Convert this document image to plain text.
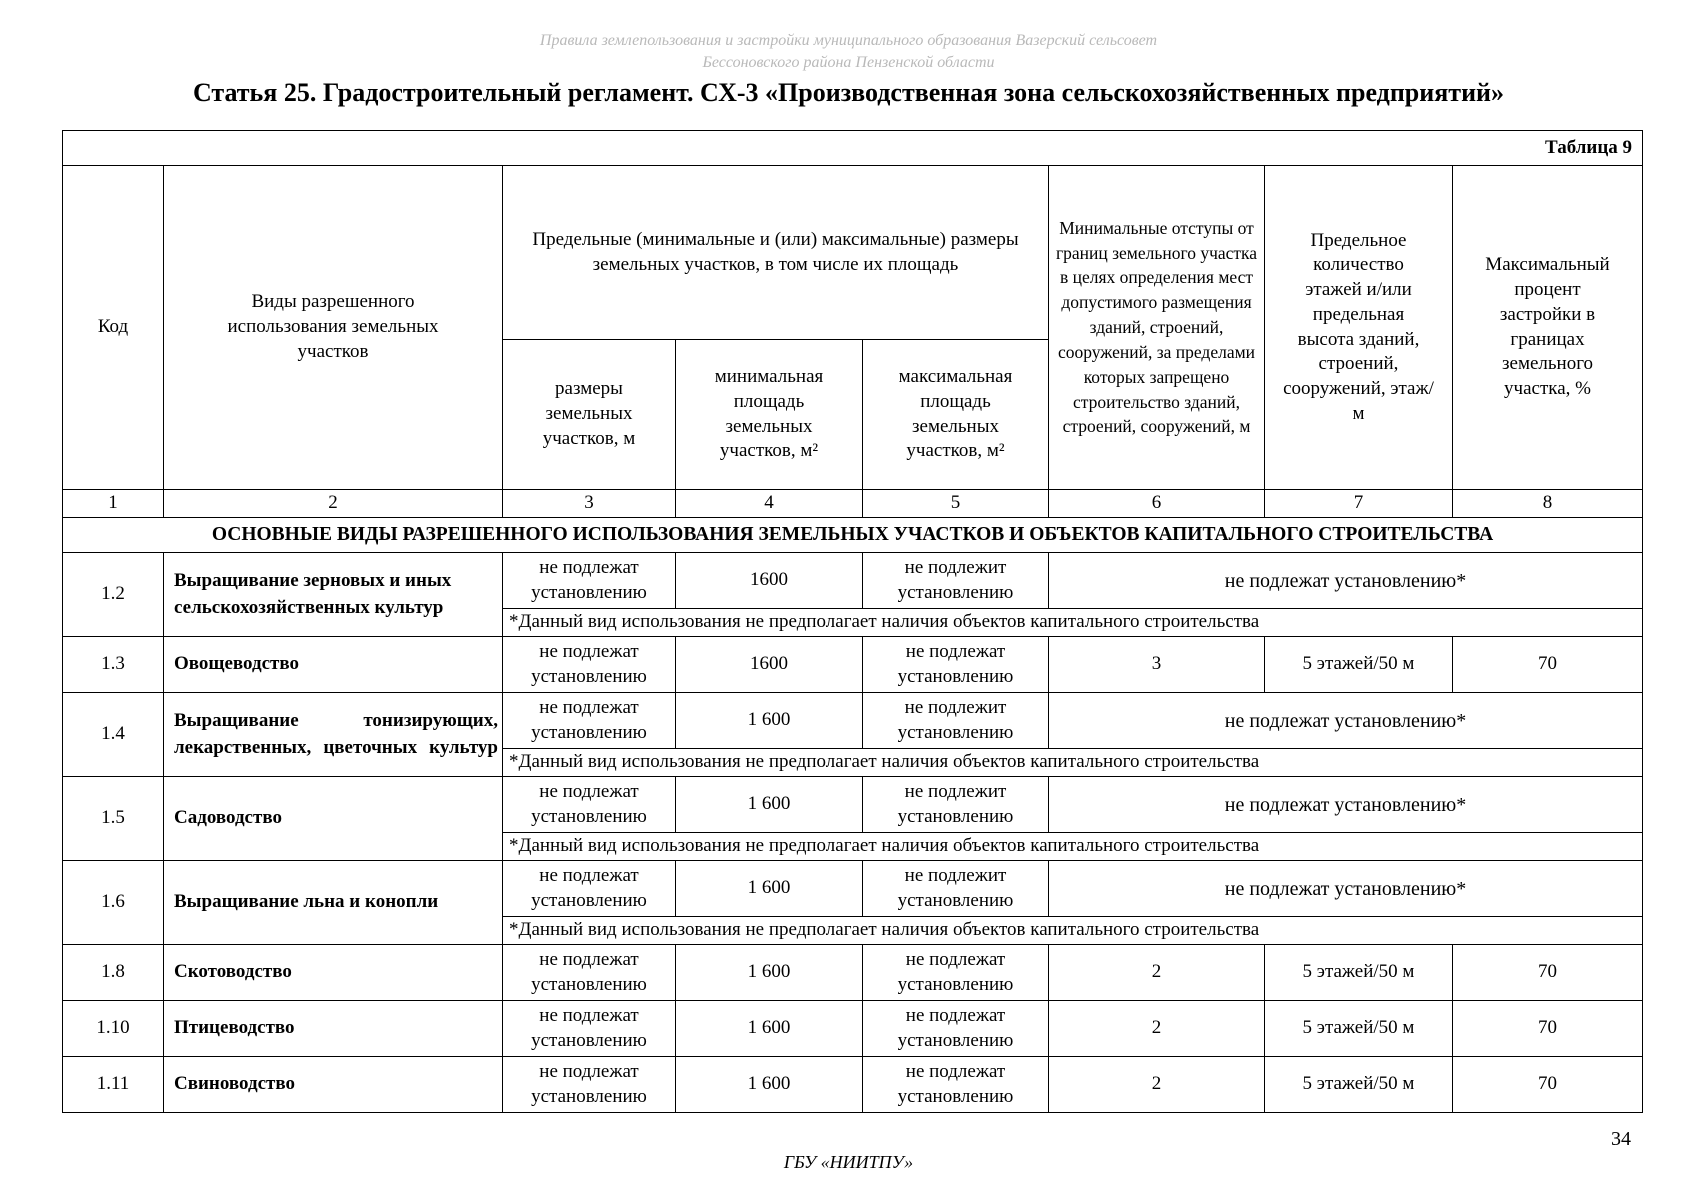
Правила землепользования и застройки муниципального образования Вазерский сельсовет
Бессоновского района Пензенской области
Статья 25. Градостроительный регламент. СХ-3 «Производственная зона сельскохозяйственных предприятий»
Таблица 9							
Код	Виды разрешенного использования земельных участков	Предельные (минимальные и (или) максимальные) размеры земельных участков, в том числе их площадь			Минимальные отступы от границ земельного участка в целях определения мест допустимого размещения зданий, строений, сооружений, за пределами которых запрещено строительство зданий, строений, сооружений, м	Предельное количество этажей и/или предельная высота зданий, строений, сооружений, этаж/м	Максимальный процент застройки в границах земельного участка, %
		размеры земельных участков, м	минимальная площадь земельных участков, м²	максимальная площадь земельных участков, м²			
1	2	3	4	5	6	7	8
ОСНОВНЫЕ ВИДЫ РАЗРЕШЕННОГО ИСПОЛЬЗОВАНИЯ ЗЕМЕЛЬНЫХ УЧАСТКОВ И ОБЪЕКТОВ КАПИТАЛЬНОГО СТРОИТЕЛЬСТВА							
1.2	Выращивание зерновых и иных сельскохозяйственных культур	не подлежат установлению	1600	не подлежит установлению	не подлежат установлению*		
		*Данный вид использования не предполагает наличия объектов капитального строительства					
1.3	Овощеводство	не подлежат установлению	1600	не подлежат установлению	3	5 этажей/50 м	70
1.4	Выращивание тонизирующих, лекарственных, цветочных культур	не подлежат установлению	1 600	не подлежит установлению	не подлежат установлению*		
		*Данный вид использования не предполагает наличия объектов капитального строительства					
1.5	Садоводство	не подлежат установлению	1 600	не подлежит установлению	не подлежат установлению*		
		*Данный вид использования не предполагает наличия объектов капитального строительства					
1.6	Выращивание льна и конопли	не подлежат установлению	1 600	не подлежит установлению	не подлежат установлению*		
		*Данный вид использования не предполагает наличия объектов капитального строительства					
1.8	Скотоводство	не подлежат установлению	1 600	не подлежат установлению	2	5 этажей/50 м	70
1.10	Птицеводство	не подлежат установлению	1 600	не подлежат установлению	2	5 этажей/50 м	70
1.11	Свиноводство	не подлежат установлению	1 600	не подлежат установлению	2	5 этажей/50 м	70
34
ГБУ «НИИТПУ»
